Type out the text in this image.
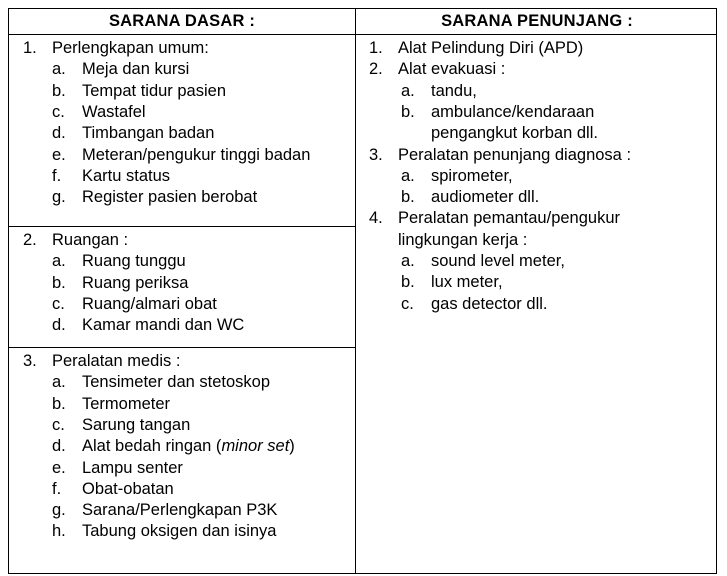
SARANA DASAR :	SARANA PENUNJANG :
1. Perlengkapan umum:
a. Meja dan kursi
b. Tempat tidur pasien
c. Wastafel
d. Timbangan badan
e. Meteran/pengukur tinggi badan
f. Kartu status
g. Register pasien berobat
2. Ruangan :
a. Ruang tunggu
b. Ruang periksa
c. Ruang/almari obat
d. Kamar mandi dan WC
3. Peralatan medis :
a. Tensimeter dan stetoskop
b. Termometer
c. Sarung tangan
d. Alat bedah ringan (minor set)
e. Lampu senter
f. Obat-obatan
g. Sarana/Perlengkapan P3K
h. Tabung oksigen dan isinya
1. Alat Pelindung Diri (APD)
2. Alat evakuasi :
a. tandu,
b. ambulance/kendaraan
pengangkut korban dll.
3. Peralatan penunjang diagnosa :
a. spirometer,
b. audiometer dll.
4. Peralatan pemantau/pengukur
lingkungan kerja :
a. sound level meter,
b. lux meter,
c. gas detector dll.
